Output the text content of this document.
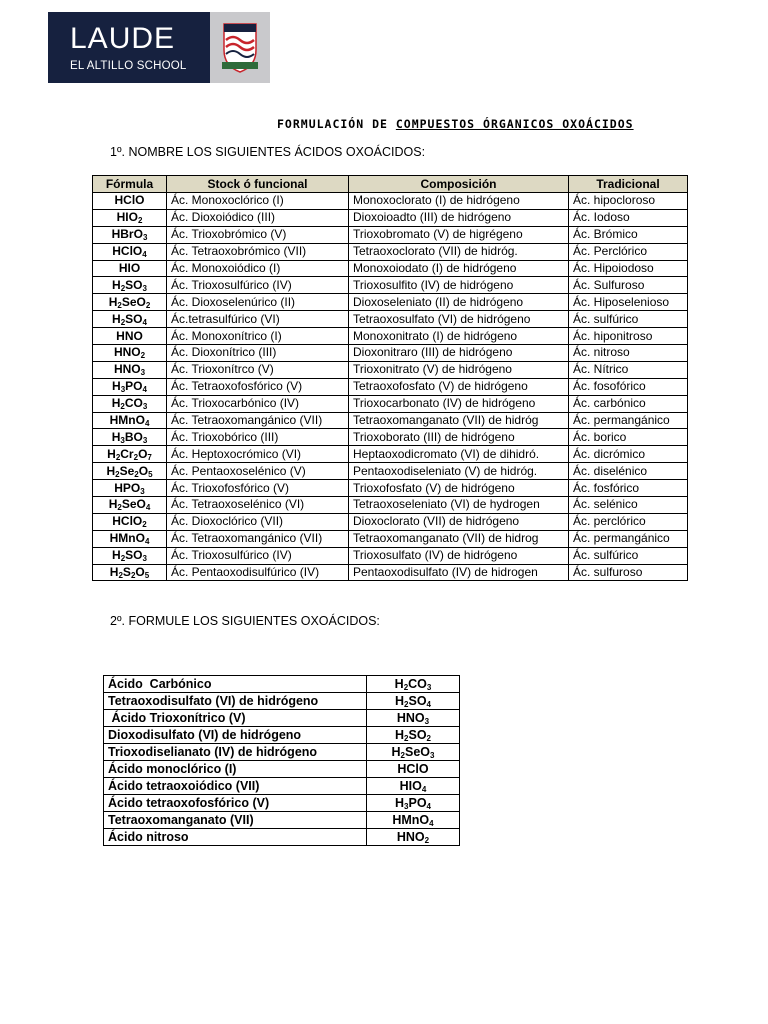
LAUDE
EL ALTILLO SCHOOL
FORMULACIÓN DE COMPUESTOS ÓRGANICOS OXOÁCIDOS
1º. NOMBRE LOS SIGUIENTES ÁCIDOS OXOÁCIDOS:
Fórmula	Stock ó funcional	Composición	Tradicional
HClO	Ác. Monoxoclórico (I)	Monoxoclorato (I) de hidrógeno	Ác. hipocloroso
$HIO_2$	Ác. Dioxoiódico (III)	Dioxoioadto (III) de hidrógeno	Ác. Iodoso
HBrO$_3$	Ác. Trioxobrómico (V)	Trioxobromato (V) de higrégeno	Ác. Brómico
HClO$_4$	Ác. Tetraoxobrómico (VII)	Tetraoxoclorato (VII) de hidróg.	Ác. Perclórico
HIO	Ác. Monoxoiódico (I)	Monoxoiodato (I) de hidrógeno	Ác. Hipoiodoso
$H_2SO_3$	Ác. Trioxosulfúrico (IV)	Trioxosulfito (IV) de hidrógeno	Ác. Sulfuroso
$H_2SeO_2$	Ác. Dioxoselenúrico (II)	Dioxoseleniato (II) de hidrógeno	Ác. Hiposelenioso
$H_2SO_4$	Ác.tetrasulfúrico (VI)	Tetraoxosulfato (VI) de hidrógeno	Ác. sulfúrico
HNO	Ác. Monoxonítrico (I)	Monoxonitrato (I) de hidrógeno	Ác. hiponitroso
$HNO_2$	Ác. Dioxonítrico (III)	Dioxonitraro (III) de hidrógeno	Ác. nitroso
$HNO_3$	Ác. Trioxonítrco (V)	Trioxonitrato (V) de hidrógeno	Ác. Nítrico
$H_3PO_4$	Ác. Tetraoxofosfórico (V)	Tetraoxofosfato (V) de hidrógeno	Ác. fosofórico
$H_2CO_3$	Ác. Trioxocarbónico (IV)	Trioxocarbonato (IV) de hidrógeno	Ác. carbónico
HMnO$_4$	Ác. Tetraoxomangánico (VII)	Tetraoxomanganato (VII) de hidróg	Ác. permangánico
$H_3BO_3$	Ác. Trioxobórico (III)	Trioxoborato (III) de hidrógeno	Ác. borico
$H_2Cr_2O_7$	Ác. Heptoxocrómico (VI)	Heptaoxodicromato (VI) de dihidró.	Ác. dicrómico
$H_2Se_2O_5$	Ác. Pentaoxoselénico (V)	Pentaoxodiseleniato (V) de hidróg.	Ác. diselénico
$HPO_3$	Ác. Trioxofosfórico (V)	Trioxofosfato (V) de hidrógeno	Ác. fosfórico
$H_2SeO_4$	Ác. Tetraoxoselénico (VI)	Tetraoxoseleniato (VI) de hydrogen	Ác. selénico
HClO$_2$	Ác. Dioxoclórico (VII)	Dioxoclorato (VII) de hidrógeno	Ác. perclórico
HMnO$_4$	Ác. Tetraoxomangánico (VII)	Tetraoxomanganato (VII) de hidrog	Ác. permangánico
$H_2SO_3$	Ác. Trioxosulfúrico (IV)	Trioxosulfato (IV) de hidrógeno	Ác. sulfúrico
$H_2S_2O_5$	Ác. Pentaoxodisulfúrico (IV)	Pentaoxodisulfato (IV) de hidrogen	Ác. sulfuroso
2º. FORMULE LOS SIGUIENTES OXOÁCIDOS:
Ácido  Carbónico	$H_2CO_3$
Tetraoxodisulfato (VI) de hidrógeno	$H_2SO_4$
Ácido Trioxonítrico (V)	$HNO_3$
Dioxodisulfato (VI) de hidrógeno	$H_2SO_2$
Trioxodiselianato (IV) de hidrógeno	$H_2SeO_3$
Ácido monoclórico (I)	HClO
Ácido tetraoxoiódico (VII)	$HIO_4$
Ácido tetraoxofosfórico (V)	$H_3PO_4$
Tetraoxomanganato (VII)	HMnO$_4$
Ácido nitroso	$HNO_2$
